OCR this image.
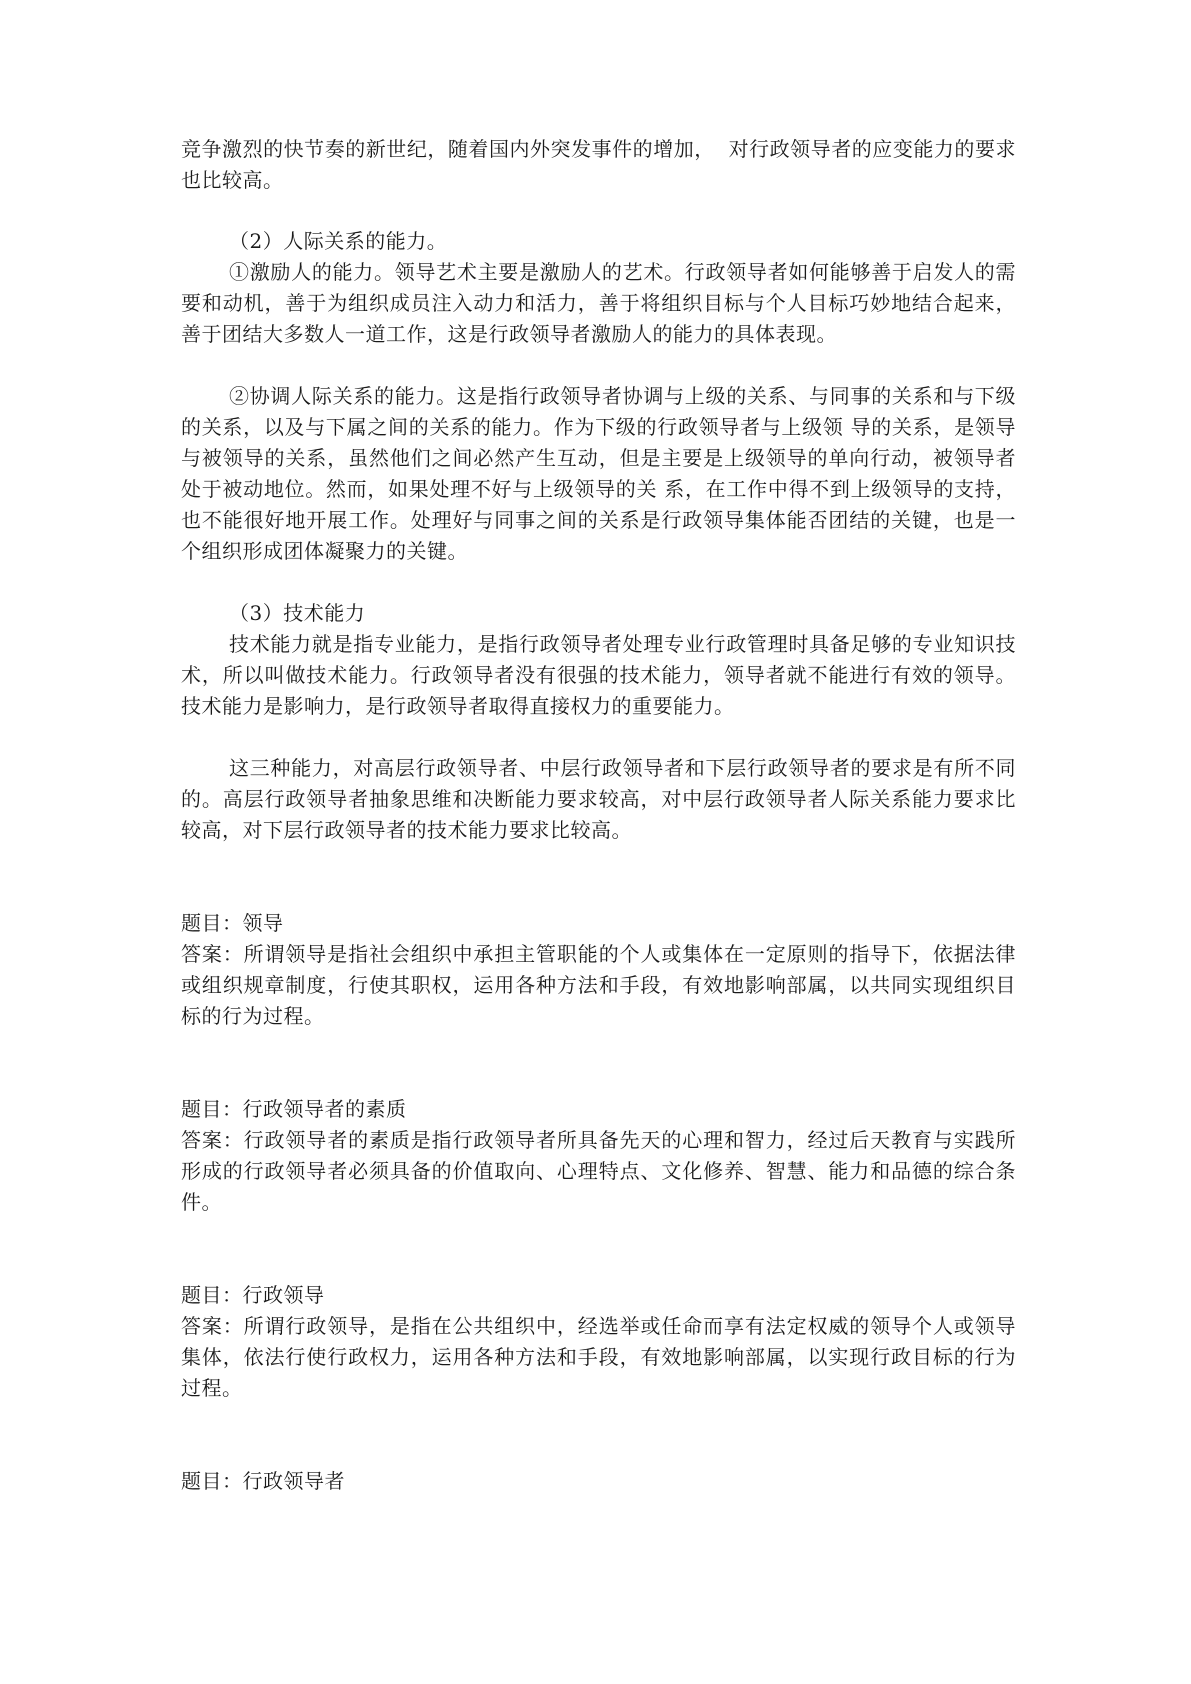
竞争激烈的快节奏的新世纪，随着国内外突发事件的增加，  对行政领导者的应变能力的要求也比较高。

（2）人际关系的能力。

①激励人的能力。领导艺术主要是激励人的艺术。行政领导者如何能够善于启发人的需要和动机，善于为组织成员注入动力和活力，善于将组织目标与个人目标巧妙地结合起来，善于团结大多数人一道工作，这是行政领导者激励人的能力的具体表现。

②协调人际关系的能力。这是指行政领导者协调与上级的关系、与同事的关系和与下级的关系，以及与下属之间的关系的能力。作为下级的行政领导者与上级领 导的关系，是领导与被领导的关系，虽然他们之间必然产生互动，但是主要是上级领导的单向行动，被领导者处于被动地位。然而，如果处理不好与上级领导的关 系，在工作中得不到上级领导的支持，也不能很好地开展工作。处理好与同事之间的关系是行政领导集体能否团结的关键，也是一个组织形成团体凝聚力的关键。

（3）技术能力

技术能力就是指专业能力，是指行政领导者处理专业行政管理时具备足够的专业知识技术，所以叫做技术能力。行政领导者没有很强的技术能力，领导者就不能进行有效的领导。技术能力是影响力，是行政领导者取得直接权力的重要能力。

这三种能力，对高层行政领导者、中层行政领导者和下层行政领导者的要求是有所不同的。高层行政领导者抽象思维和决断能力要求较高，对中层行政领导者人际关系能力要求比较高，对下层行政领导者的技术能力要求比较高。

题目：领导

答案：所谓领导是指社会组织中承担主管职能的个人或集体在一定原则的指导下，依据法律或组织规章制度，行使其职权，运用各种方法和手段，有效地影响部属，以共同实现组织目标的行为过程。

题目：行政领导者的素质

答案：行政领导者的素质是指行政领导者所具备先天的心理和智力，经过后天教育与实践所形成的行政领导者必须具备的价值取向、心理特点、文化修养、智慧、能力和品德的综合条件。

题目：行政领导

答案：所谓行政领导，是指在公共组织中，经选举或任命而享有法定权威的领导个人或领导集体，依法行使行政权力，运用各种方法和手段，有效地影响部属，以实现行政目标的行为过程。

题目：行政领导者
